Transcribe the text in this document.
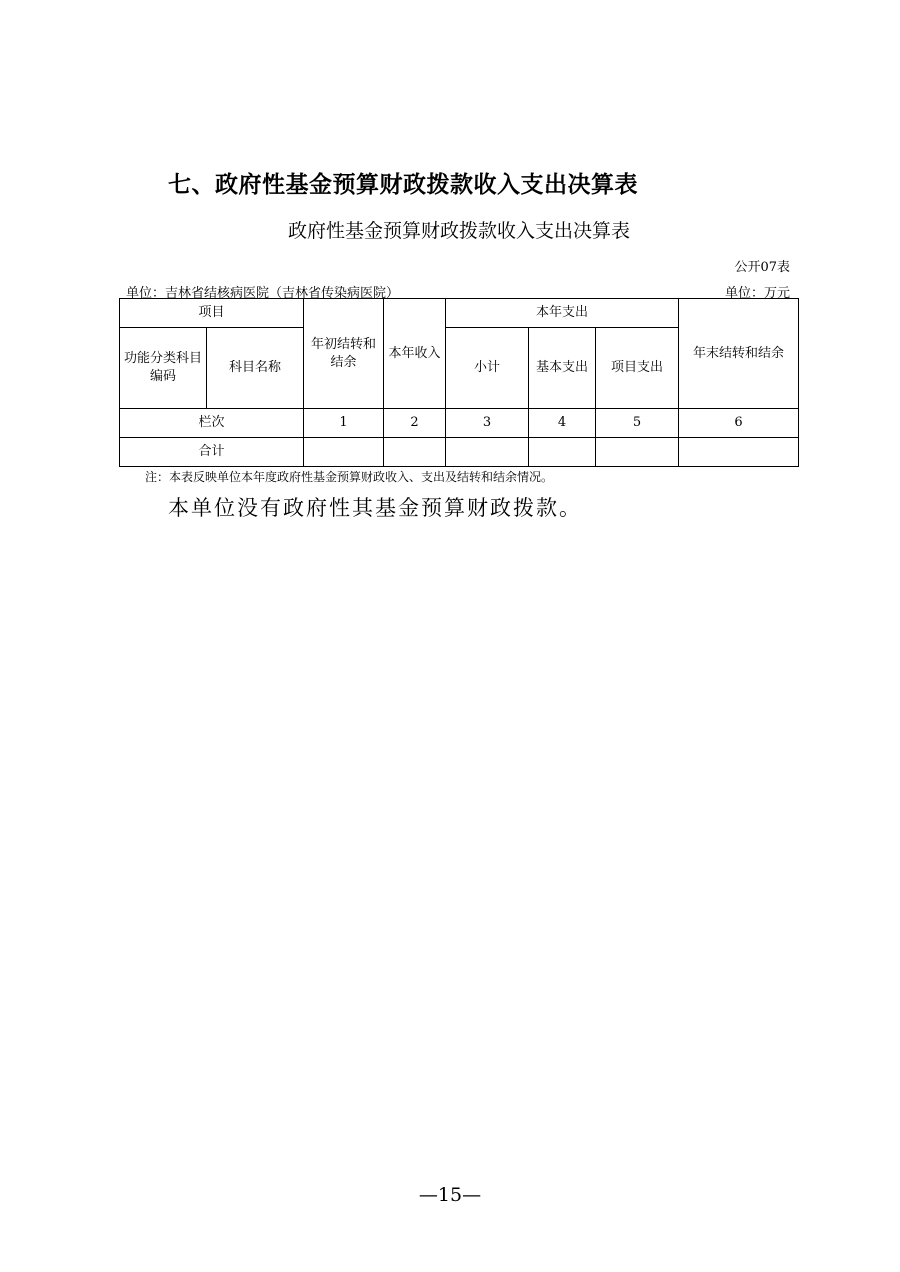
七、政府性基金预算财政拨款收入支出决算表
政府性基金预算财政拨款收入支出决算表
公开07表
单位：吉林省结核病医院（吉林省传染病医院）	单位：万元
项目		年初结转和结余	本年收入	本年支出			年末结转和结余
功能分类科目编码	科目名称			小计	基本支出	项目支出	
栏次		1	2	3	4	5	6
合计							
注：本表反映单位本年度政府性基金预算财政收入、支出及结转和结余情况。
本单位没有政府性其基金预算财政拨款。
—15—
